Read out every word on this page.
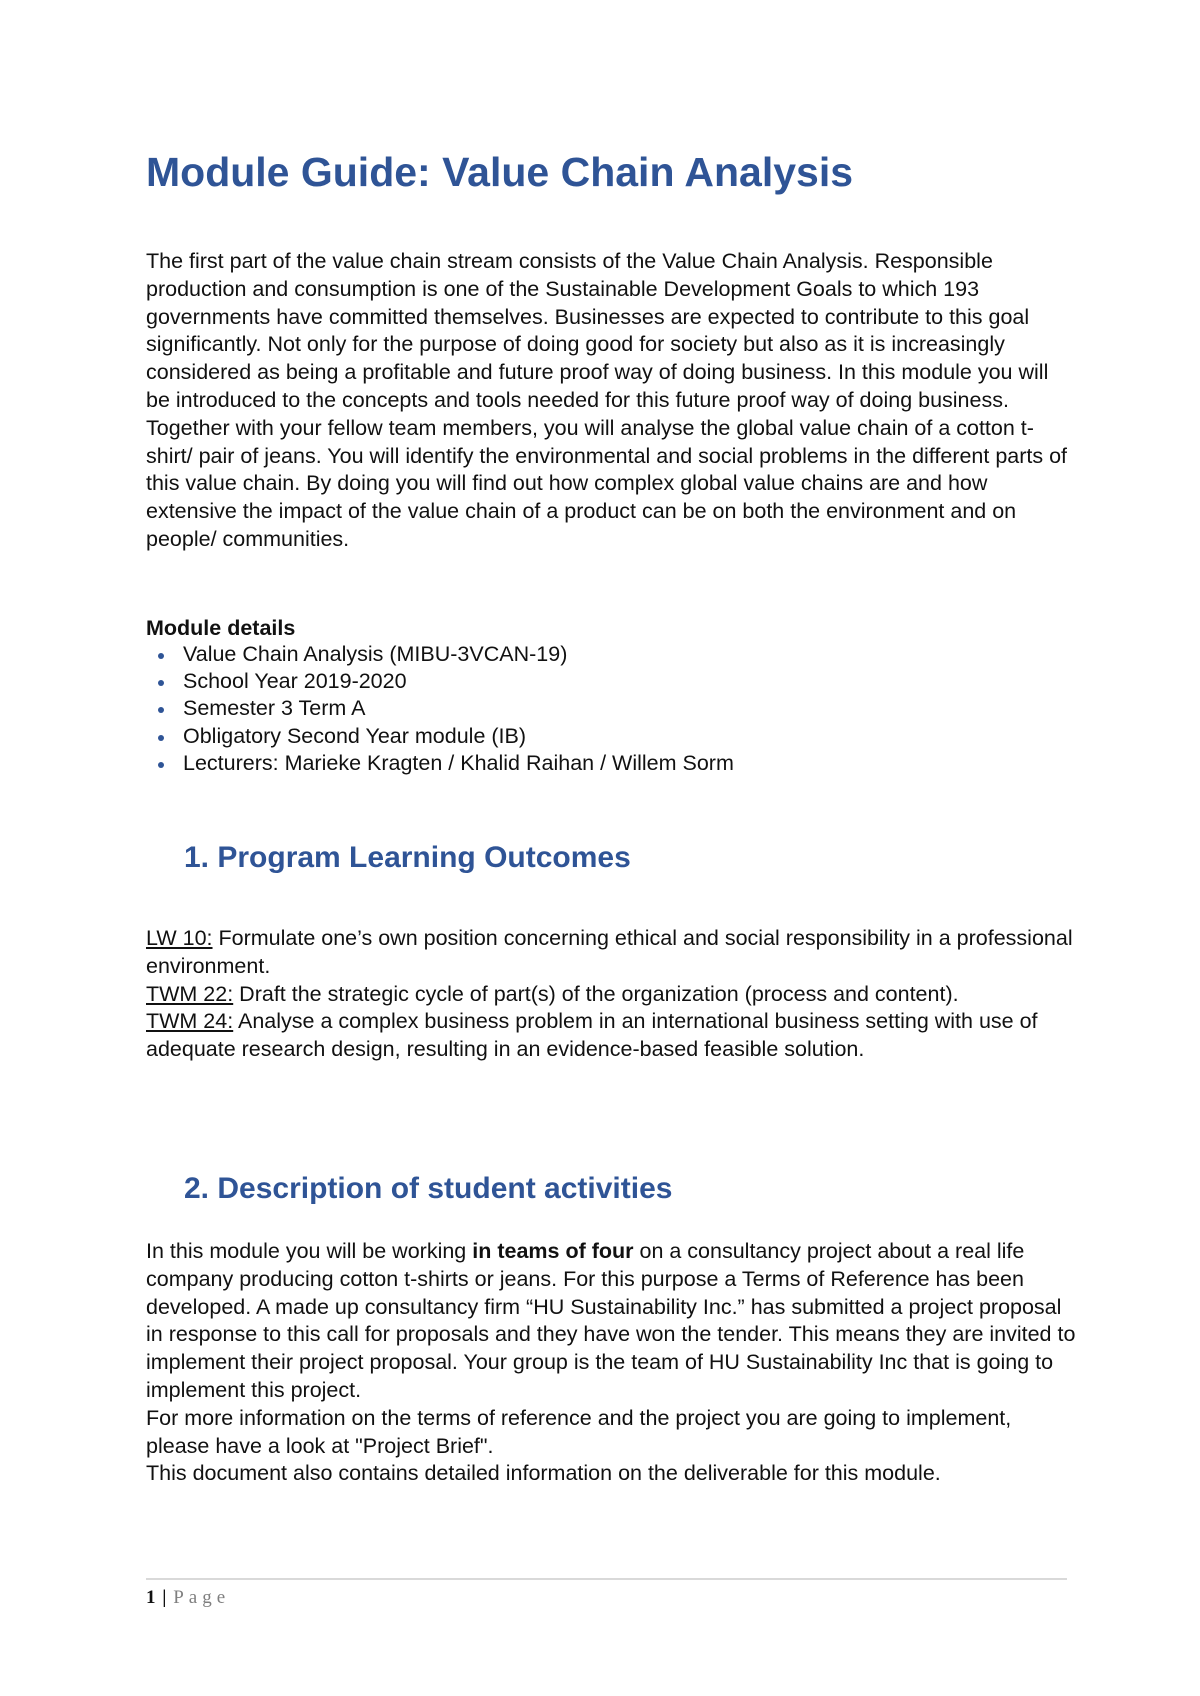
Module Guide: Value Chain Analysis

The first part of the value chain stream consists of the Value Chain Analysis. Responsible production and consumption is one of the Sustainable Development Goals to which 193 governments have committed themselves. Businesses are expected to contribute to this goal significantly. Not only for the purpose of doing good for society but also as it is increasingly considered as being a profitable and future proof way of doing business. In this module you will be introduced to the concepts and tools needed for this future proof way of doing business. Together with your fellow team members, you will analyse the global value chain of a cotton t-shirt/ pair of jeans. You will identify the environmental and social problems in the different parts of this value chain. By doing you will find out how complex global value chains are and how extensive the impact of the value chain of a product can be on both the environment and on people/ communities.

Module details

Value Chain Analysis (MIBU-3VCAN-19)
School Year 2019-2020
Semester 3 Term A
Obligatory Second Year module (IB)
Lecturers: Marieke Kragten / Khalid Raihan / Willem Sorm
1. Program Learning Outcomes

LW 10: Formulate one’s own position concerning ethical and social responsibility in a professional environment.

TWM 22: Draft the strategic cycle of part(s) of the organization (process and content).

TWM 24: Analyse a complex business problem in an international business setting with use of adequate research design, resulting in an evidence-based feasible solution.

2. Description of student activities

In this module you will be working in teams of four on a consultancy project about a real life company producing cotton t-shirts or jeans. For this purpose a Terms of Reference has been developed. A made up consultancy firm “HU Sustainability Inc.” has submitted a project proposal in response to this call for proposals and they have won the tender. This means they are invited to implement their project proposal. Your group is the team of HU Sustainability Inc that is going to implement this project.

For more information on the terms of reference and the project you are going to implement, please have a look at "Project Brief".

This document also contains detailed information on the deliverable for this module.

1 | Page
